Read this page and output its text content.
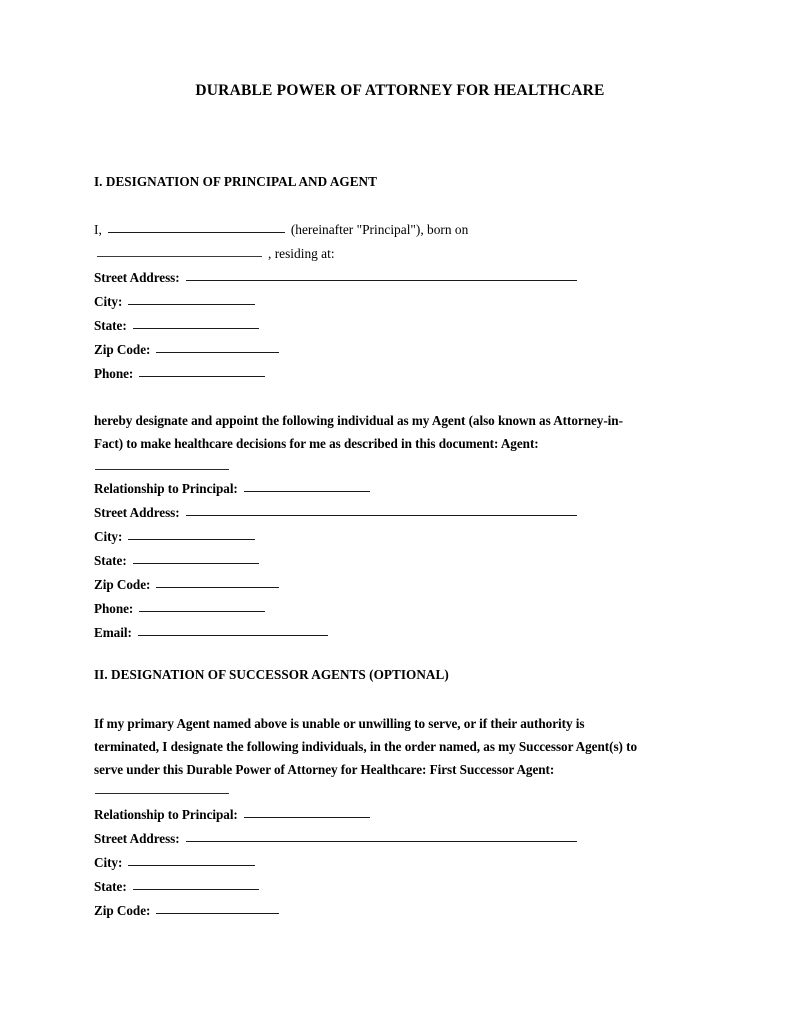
DURABLE POWER OF ATTORNEY FOR HEALTHCARE
I. DESIGNATION OF PRINCIPAL AND AGENT
I,	(hereinafter "Principal"), born on
, residing at:
Street Address:
City:
State:
Zip Code:
Phone:
hereby designate and appoint the following individual as my Agent (also known as Attorney-in-
Fact) to make healthcare decisions for me as described in this document: Agent:
Relationship to Principal:
Street Address:
City:
State:
Zip Code:
Phone:
Email:
II. DESIGNATION OF SUCCESSOR AGENTS (OPTIONAL)
If my primary Agent named above is unable or unwilling to serve, or if their authority is
terminated, I designate the following individuals, in the order named, as my Successor Agent(s) to
serve under this Durable Power of Attorney for Healthcare: First Successor Agent:
Relationship to Principal:
Street Address:
City:
State:
Zip Code:
